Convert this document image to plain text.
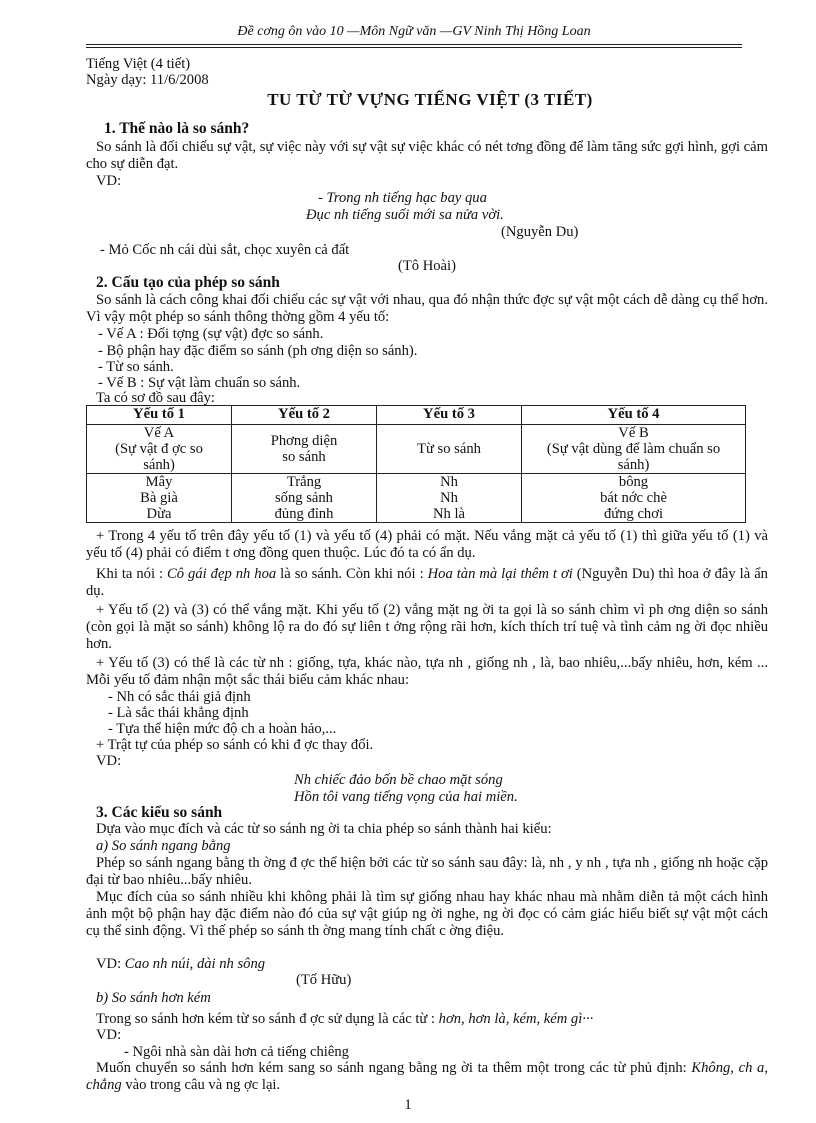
Đề cơng ôn vào 10 —Môn Ngữ văn —GV Ninh Thị Hồng Loan
Tiếng Việt (4 tiết)
Ngày dạy: 11/6/2008
TU TỪ TỪ VỰNG TIẾNG VIỆT (3 TIẾT)
1. Thế nào là so sánh?
So sánh là đối chiếu sự vật, sự việc này với sự vật sự việc khác có nét tơng đồng để làm tăng sức gợi hình, gợi cảm cho sự diễn đạt.
VD:
- Trong nh tiếng hạc bay qua
Đục nh tiếng suối mới sa nửa vời.
(Nguyễn Du)
- Mỏ Cốc nh cái dùi sắt, chọc xuyên cả đất
(Tô Hoài)
2. Cấu tạo của phép so sánh
So sánh là cách công khai đối chiếu các sự vật với nhau, qua đó nhận thức đợc sự vật một cách dễ dàng cụ thể hơn. Vì vậy một phép so sánh thông thờng gồm 4 yếu tố:
- Vế A : Đối tợng (sự vật) đợc so sánh.
- Bộ phận hay đặc điểm so sánh (ph ơng diện so sánh).
- Từ so sánh.
- Vế B : Sự vật làm chuẩn so sánh.
Ta có sơ đồ sau đây:
Yếu tố 1	Yếu tố 2	Yếu tố 3	Yếu tố 4
Vế A
(Sự vật đ ợc so
sánh)	Phơng diện
so sánh	Từ so sánh	Vế B
(Sự vật dùng để làm chuẩn so
sánh)
Mây
Bà già
Dừa	Trắng
sống sảnh
đủng đỉnh	Nh
Nh
Nh là	bông
bát nớc chè
đứng chơi
+ Trong 4 yếu tố trên đây yếu tố (1) và yếu tố (4) phải có mặt. Nếu vắng mặt cả yếu tố (1) thì giữa yếu tố (1) và yếu tố (4) phải có điểm t ơng đồng quen thuộc. Lúc đó ta có ẩn dụ.
Khi ta nói : Cô gái đẹp nh hoa là so sánh. Còn khi nói : Hoa tàn mà lại thêm t ơi (Nguyễn Du) thì hoa ở đây là ẩn dụ.
+ Yếu tố (2) và (3) có thể vắng mặt. Khi yếu tố (2) vắng mặt ng ời ta gọi là so sánh chìm vì ph ơng diện so sánh (còn gọi là mặt so sánh) không lộ ra do đó sự liên t ởng rộng rãi hơn, kích thích trí tuệ và tình cảm ng ời đọc nhiều hơn.
+ Yếu tố (3) có thể là các từ nh : giống, tựa, khác nào, tựa nh , giống nh , là, bao nhiêu,...bấy nhiêu, hơn, kém ... Mỗi yếu tố đảm nhận một sắc thái biểu cảm khác nhau:
- Nh có sắc thái giả định
- Là sắc thái khẳng định
- Tựa thể hiện mức độ ch a hoàn hảo,...
+ Trật tự của phép so sánh có khi đ ợc thay đổi.
VD:
Nh chiếc đảo bốn bề chao mặt sóng
Hồn tôi vang tiếng vọng của hai miền.
3. Các kiểu so sánh
Dựa vào mục đích và các từ so sánh ng ời ta chia phép so sánh thành hai kiểu:
a) So sánh ngang bằng
Phép so sánh ngang bằng th ờng đ ợc thể hiện bởi các từ so sánh sau đây: là, nh , y nh , tựa nh , giống nh hoặc cặp đại từ bao nhiêu...bấy nhiêu.
Mục đích của so sánh nhiều khi không phải là tìm sự giống nhau hay khác nhau mà nhằm diễn tả một cách hình ảnh một bộ phận hay đặc điểm nào đó của sự vật giúp ng ời nghe, ng ời đọc có cảm giác hiểu biết sự vật một cách cụ thể sinh động. Vì thế phép so sánh th ờng mang tính chất c ờng điệu.
VD: Cao nh núi, dài nh sông
(Tố Hữu)
b) So sánh hơn kém
Trong so sánh hơn kém từ so sánh đ ợc sử dụng là các từ : hơn, hơn là, kém, kém gì···
VD:
- Ngôi nhà sàn dài hơn cả tiếng chiêng
Muốn chuyển so sánh hơn kém sang so sánh ngang bằng ng ời ta thêm một trong các từ phủ định: Không, ch a, chẳng vào trong câu và ng ợc lại.
1
